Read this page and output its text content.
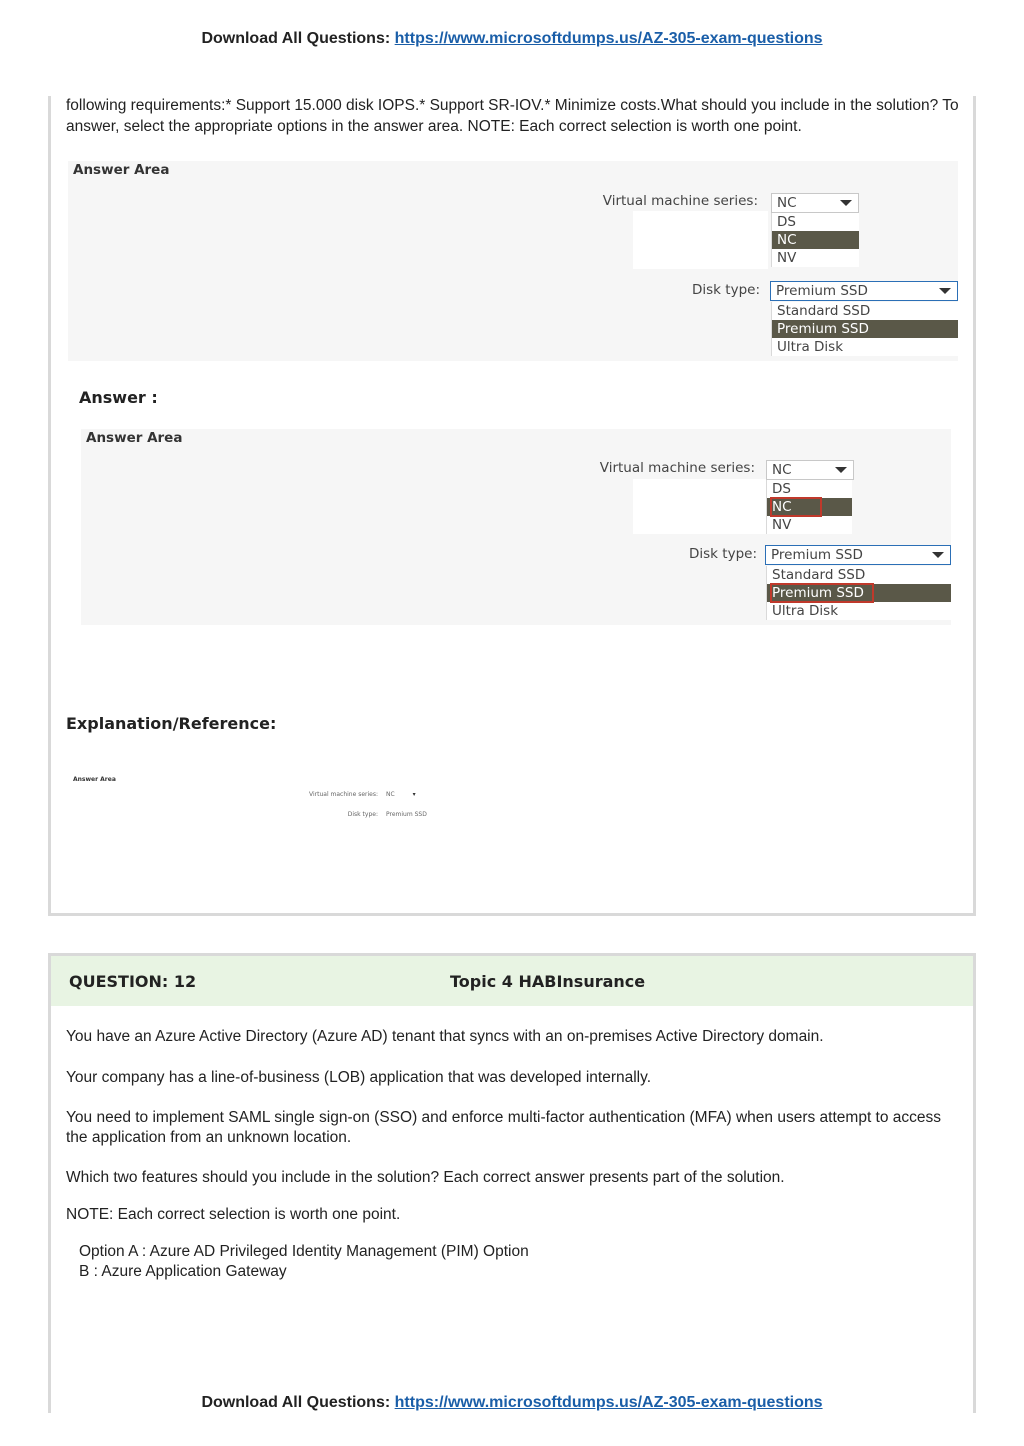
Download All Questions: https://www.microsoftdumps.us/AZ-305-exam-questions
following requirements:* Support 15.000 disk IOPS.* Support SR-IOV.* Minimize costs.What should you include in the solution? To answer, select the appropriate options in the answer area. NOTE: Each correct selection is worth one point.
Answer Area
Virtual machine series:	NC
DS
NC
NV
Disk type:	Premium SSD
Standard SSD
Premium SSD
Ultra Disk
Answer :
Answer Area
Virtual machine series:	NC
DS
NC
NV
Disk type:	Premium SSD
Standard SSD
Premium SSD
Ultra Disk
Explanation/Reference:
Answer Area
Virtual machine series: NC	▾
Disk type: Premium SSD
QUESTION: 12	Topic 4 HABInsurance
You have an Azure Active Directory (Azure AD) tenant that syncs with an on-premises Active Directory domain.
Your company has a line-of-business (LOB) application that was developed internally.
You need to implement SAML single sign-on (SSO) and enforce multi-factor authentication (MFA) when users attempt to access the application from an unknown location.
Which two features should you include in the solution? Each correct answer presents part of the solution.
NOTE: Each correct selection is worth one point.
Option A : Azure AD Privileged Identity Management (PIM) Option
B : Azure Application Gateway
Download All Questions: https://www.microsoftdumps.us/AZ-305-exam-questions
